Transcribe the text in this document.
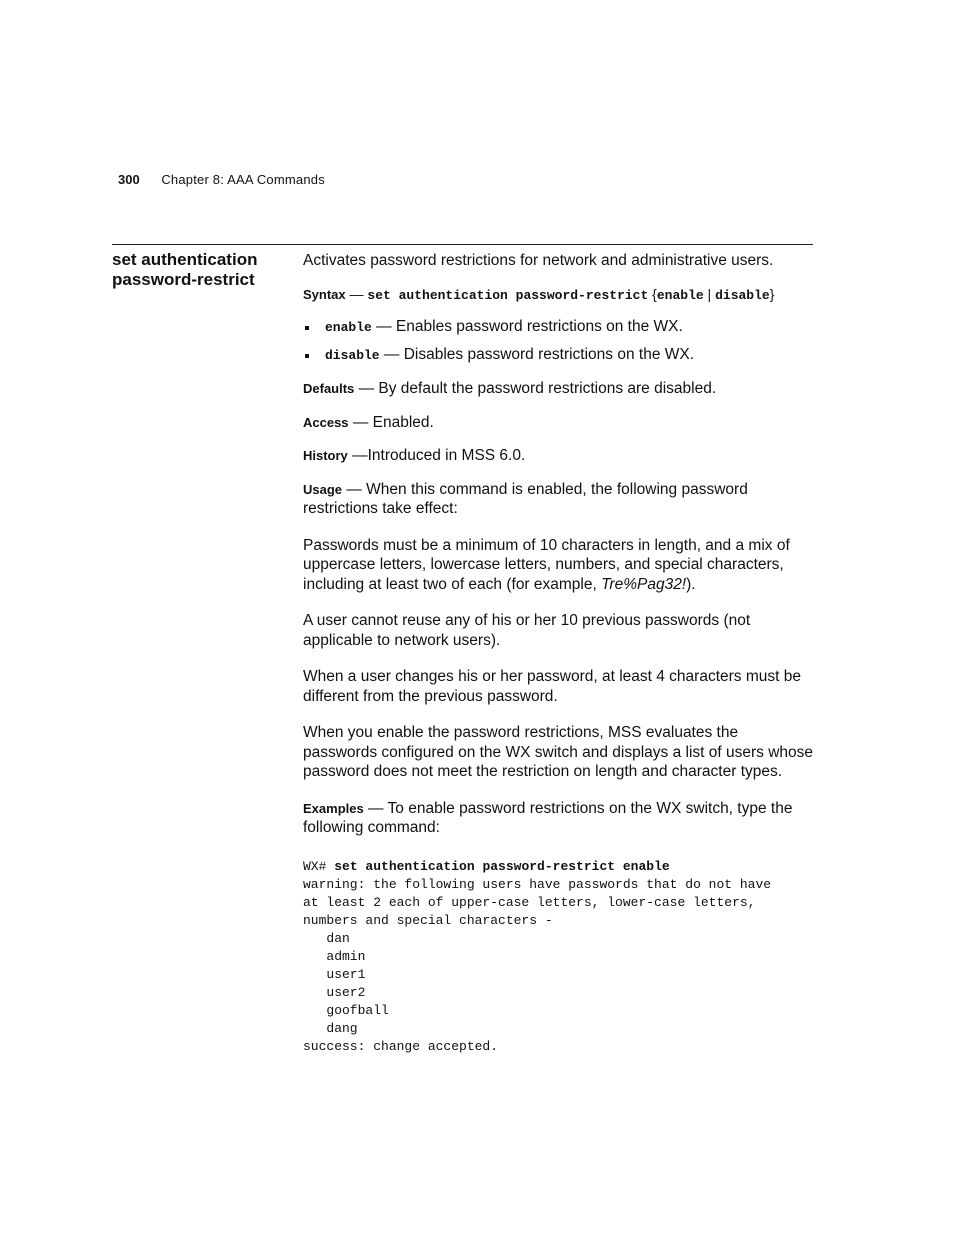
300 Chapter 8: AAA Commands
set authentication
password-restrict

Activates password restrictions for network and administrative users.

Syntax — set authentication password-restrict {enable | disable}

enable — Enables password restrictions on the WX.
disable — Disables password restrictions on the WX.

Defaults — By default the password restrictions are disabled.

Access — Enabled.

History —Introduced in MSS 6.0.

Usage — When this command is enabled, the following password restrictions take effect:

Passwords must be a minimum of 10 characters in length, and a mix of uppercase letters, lowercase letters, numbers, and special characters, including at least two of each (for example, Tre%Pag32!).

A user cannot reuse any of his or her 10 previous passwords (not applicable to network users).

When a user changes his or her password, at least 4 characters must be different from the previous password.

When you enable the password restrictions, MSS evaluates the passwords configured on the WX switch and displays a list of users whose password does not meet the restriction on length and character types.

Examples — To enable password restrictions on the WX switch, type the following command:

WX# set authentication password-restrict enable
warning: the following users have passwords that do not have
at least 2 each of upper-case letters, lower-case letters,
numbers and special characters -
dan
admin
user1
user2
goofball
dang
success: change accepted.
